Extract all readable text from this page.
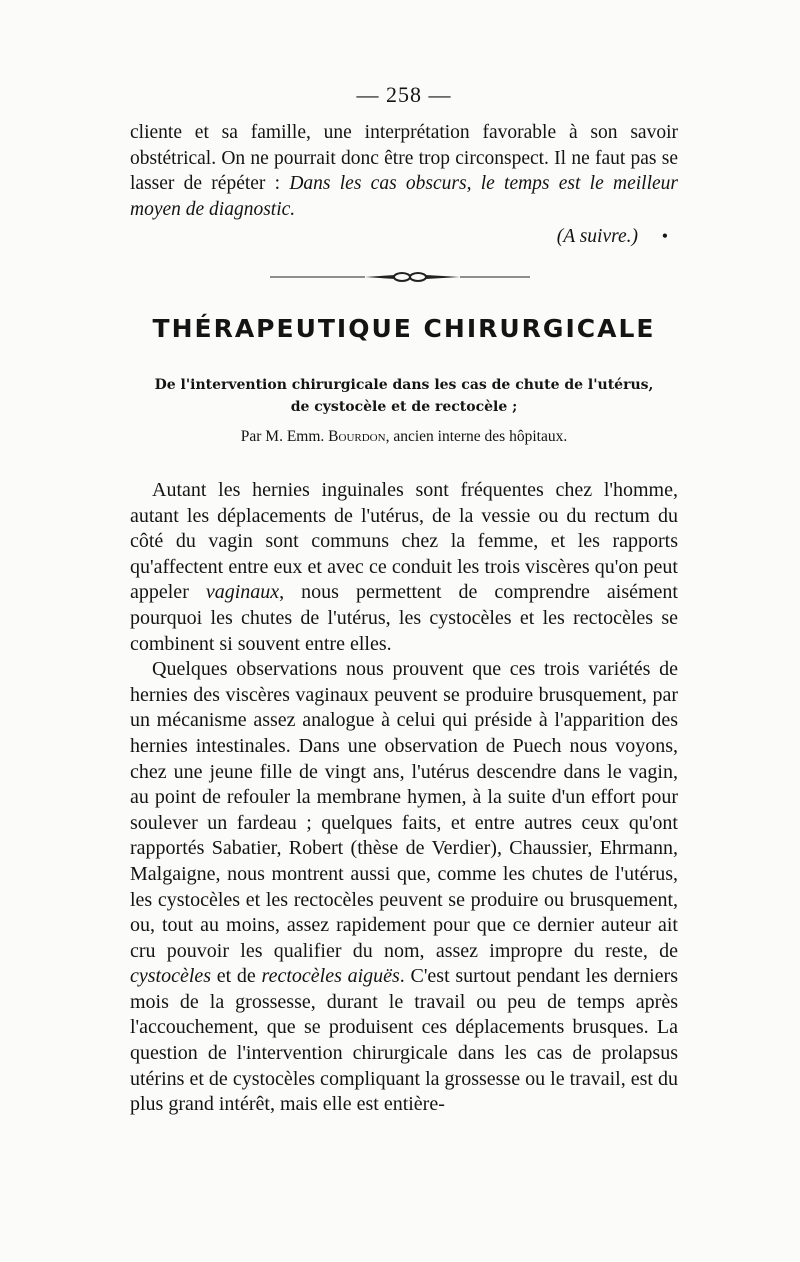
— 258 —

cliente et sa famille, une interprétation favorable à son savoir obstétrical. On ne pourrait donc être trop circonspect. Il ne faut pas se lasser de répéter : Dans les cas obscurs, le temps est le meilleur moyen de diagnostic.

(A suivre.) •
THÉRAPEUTIQUE CHIRURGICALE
De l'intervention chirurgicale dans les cas de chute de l'utérus,
de cystocèle et de rectocèle ;
Par M. Emm. Bourdon, ancien interne des hôpitaux.

Autant les hernies inguinales sont fréquentes chez l'homme, autant les déplacements de l'utérus, de la vessie ou du rectum du côté du vagin sont communs chez la femme, et les rapports qu'affectent entre eux et avec ce conduit les trois viscères qu'on peut appeler vaginaux, nous permettent de comprendre aisément pourquoi les chutes de l'utérus, les cystocèles et les rectocèles se combinent si souvent entre elles.

Quelques observations nous prouvent que ces trois variétés de hernies des viscères vaginaux peuvent se produire brusquement, par un mécanisme assez analogue à celui qui préside à l'apparition des hernies intestinales. Dans une observation de Puech nous voyons, chez une jeune fille de vingt ans, l'utérus descendre dans le vagin, au point de refouler la membrane hymen, à la suite d'un effort pour soulever un fardeau ; quelques faits, et entre autres ceux qu'ont rapportés Sabatier, Robert (thèse de Verdier), Chaussier, Ehrmann, Malgaigne, nous montrent aussi que, comme les chutes de l'utérus, les cystocèles et les rectocèles peuvent se produire ou brusquement, ou, tout au moins, assez rapidement pour que ce dernier auteur ait cru pouvoir les qualifier du nom, assez impropre du reste, de cystocèles et de rectocèles aiguës. C'est surtout pendant les derniers mois de la grossesse, durant le travail ou peu de temps après l'accouchement, que se produisent ces déplacements brusques. La question de l'intervention chirurgicale dans les cas de prolapsus utérins et de cystocèles compliquant la grossesse ou le travail, est du plus grand intérêt, mais elle est entière-
